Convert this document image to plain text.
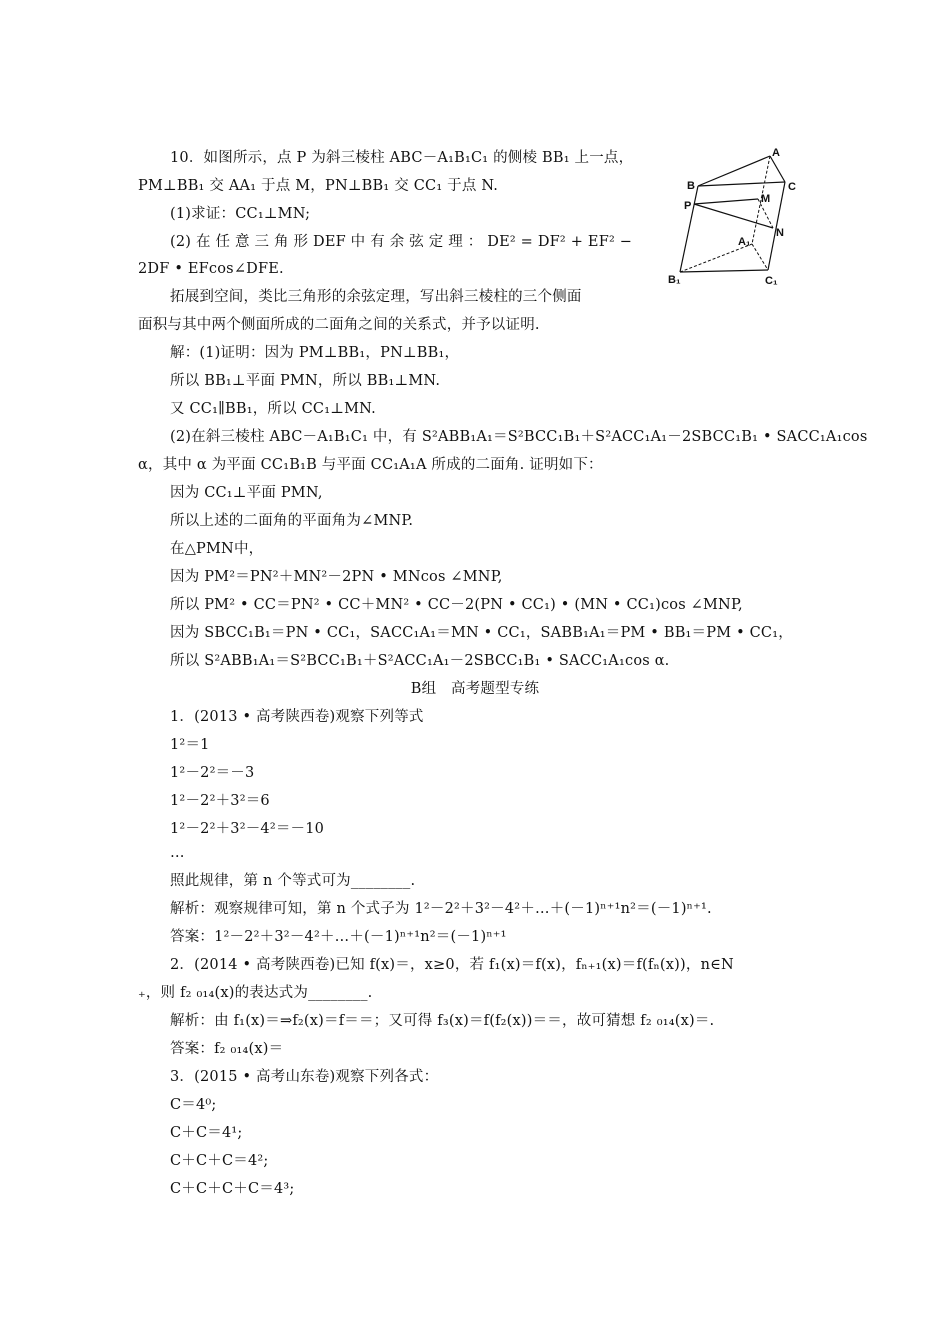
10．如图所示，点 P 为斜三棱柱 ABC－A₁B₁C₁ 的侧棱 BB₁ 上一点，
PM⊥BB₁ 交 AA₁ 于点 M，PN⊥BB₁ 交 CC₁ 于点 N.
(1)求证：CC₁⊥MN;
(2) 在 任 意 三 角 形 DEF 中 有 余 弦 定 理 ： DE² = DF² + EF² −
2DF • EFcos∠DFE.
拓展到空间，类比三角形的余弦定理，写出斜三棱柱的三个侧面
面积与其中两个侧面所成的二面角之间的关系式，并予以证明.
解：(1)证明：因为 PM⊥BB₁，PN⊥BB₁，
所以 BB₁⊥平面 PMN，所以 BB₁⊥MN.
又 CC₁∥BB₁，所以 CC₁⊥MN.
(2)在斜三棱柱 ABC－A₁B₁C₁ 中，有 S²ABB₁A₁＝S²BCC₁B₁＋S²ACC₁A₁－2SBCC₁B₁ • SACC₁A₁cos
α，其中 α 为平面 CC₁B₁B 与平面 CC₁A₁A 所成的二面角. 证明如下：
因为 CC₁⊥平面 PMN,
所以上述的二面角的平面角为∠MNP.
在△PMN中，
因为 PM²＝PN²＋MN²－2PN • MNcos ∠MNP,
所以 PM² • CC＝PN² • CC＋MN² • CC－2(PN • CC₁) • (MN • CC₁)cos ∠MNP,
因为 SBCC₁B₁＝PN • CC₁，SACC₁A₁＝MN • CC₁，SABB₁A₁＝PM • BB₁＝PM • CC₁，
所以 S²ABB₁A₁＝S²BCC₁B₁＋S²ACC₁A₁－2SBCC₁B₁ • SACC₁A₁cos α.
A
B	C
P
M
N
A₁
B₁	C₁
B组　高考题型专练
1．(2013 • 高考陕西卷)观察下列等式
1²＝1
1²－2²＝－3
1²－2²＋3²＝6
1²－2²＋3²－4²＝－10
…
照此规律，第 n 个等式可为________.
解析：观察规律可知，第 n 个式子为 1²－2²＋3²－4²＋…＋(－1)ⁿ⁺¹n²＝(－1)ⁿ⁺¹.
答案：1²－2²＋3²－4²＋…＋(－1)ⁿ⁺¹n²＝(－1)ⁿ⁺¹
2．(2014 • 高考陕西卷)已知 f(x)＝，x≥0，若 f₁(x)＝f(x)，fₙ₊₁(x)＝f(fₙ(x))，n∈N
₊，则 f₂ ₀₁₄(x)的表达式为________.
解析：由 f₁(x)＝⇒f₂(x)＝f＝＝；又可得 f₃(x)＝f(f₂(x))＝＝，故可猜想 f₂ ₀₁₄(x)＝.
答案：f₂ ₀₁₄(x)＝
3．(2015 • 高考山东卷)观察下列各式：
C＝4⁰;
C＋C＝4¹;
C＋C＋C＝4²;
C＋C＋C＋C＝4³;
